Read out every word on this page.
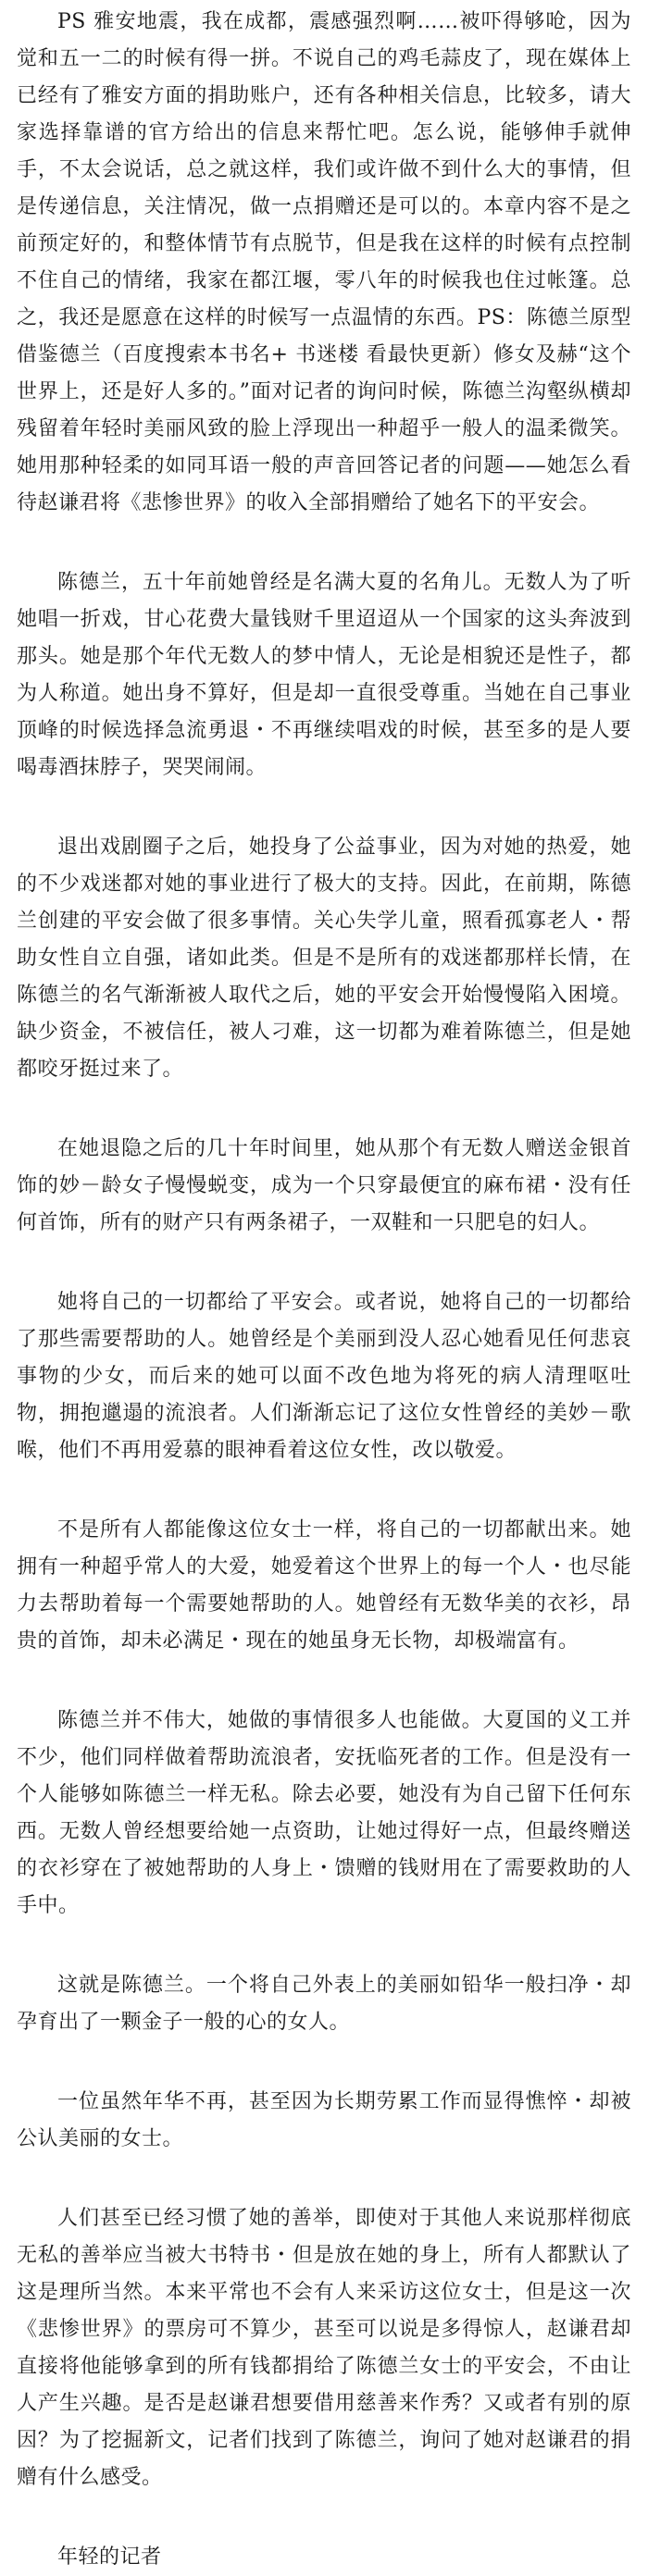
PS 雅安地震，我在成都，震感强烈啊……被吓得够呛，因为觉和五一二的时候有得一拼。不说自己的鸡毛蒜皮了，现在媒体上已经有了雅安方面的捐助账户，还有各种相关信息，比较多，请大家选择靠谱的官方给出的信息来帮忙吧。怎么说，能够伸手就伸手，不太会说话，总之就这样，我们或许做不到什么大的事情，但是传递信息，关注情况，做一点捐赠还是可以的。本章内容不是之前预定好的，和整体情节有点脱节，但是我在这样的时候有点控制不住自己的情绪，我家在都江堰，零八年的时候我也住过帐篷。总之，我还是愿意在这样的时候写一点温情的东西。PS：陈德兰原型借鉴德兰（百度搜索本书名+ 书迷楼 看最快更新）修女及赫“这个世界上，还是好人多的。”面对记者的询问时候，陈德兰沟壑纵横却残留着年轻时美丽风致的脸上浮现出一种超乎一般人的温柔微笑。她用那种轻柔的如同耳语一般的声音回答记者的问题——她怎么看待赵谦君将《悲惨世界》的收入全部捐赠给了她名下的平安会。

陈德兰，五十年前她曾经是名满大夏的名角儿。无数人为了听她唱一折戏，甘心花费大量钱财千里迢迢从一个国家的这头奔波到那头。她是那个年代无数人的梦中情人，无论是相貌还是性子，都为人称道。她出身不算好，但是却一直很受尊重。当她在自己事业顶峰的时候选择急流勇退・不再继续唱戏的时候，甚至多的是人要喝毒酒抹脖子，哭哭闹闹。

退出戏剧圈子之后，她投身了公益事业，因为对她的热爱，她的不少戏迷都对她的事业进行了极大的支持。因此，在前期，陈德兰创建的平安会做了很多事情。关心失学儿童，照看孤寡老人・帮助女性自立自强，诸如此类。但是不是所有的戏迷都那样长情，在陈德兰的名气渐渐被人取代之后，她的平安会开始慢慢陷入困境。缺少资金，不被信任，被人刁难，这一切都为难着陈德兰，但是她都咬牙挺过来了。

在她退隐之后的几十年时间里，她从那个有无数人赠送金银首饰的妙－龄女子慢慢蜕变，成为一个只穿最便宜的麻布裙・没有任何首饰，所有的财产只有两条裙子，一双鞋和一只肥皂的妇人。

她将自己的一切都给了平安会。或者说，她将自己的一切都给了那些需要帮助的人。她曾经是个美丽到没人忍心她看见任何悲哀事物的少女，而后来的她可以面不改色地为将死的病人清理呕吐物，拥抱邋遢的流浪者。人们渐渐忘记了这位女性曾经的美妙－歌喉，他们不再用爱慕的眼神看着这位女性，改以敬爱。

不是所有人都能像这位女士一样，将自己的一切都献出来。她拥有一种超乎常人的大爱，她爱着这个世界上的每一个人・也尽能力去帮助着每一个需要她帮助的人。她曾经有无数华美的衣衫，昂贵的首饰，却未必满足・现在的她虽身无长物，却极端富有。

陈德兰并不伟大，她做的事情很多人也能做。大夏国的义工并不少，他们同样做着帮助流浪者，安抚临死者的工作。但是没有一个人能够如陈德兰一样无私。除去必要，她没有为自己留下任何东西。无数人曾经想要给她一点资助，让她过得好一点，但最终赠送的衣衫穿在了被她帮助的人身上・馈赠的钱财用在了需要救助的人手中。

这就是陈德兰。一个将自己外表上的美丽如铅华一般扫净・却孕育出了一颗金子一般的心的女人。

一位虽然年华不再，甚至因为长期劳累工作而显得憔悴・却被公认美丽的女士。

人们甚至已经习惯了她的善举，即使对于其他人来说那样彻底无私的善举应当被大书特书・但是放在她的身上，所有人都默认了这是理所当然。本来平常也不会有人来采访这位女士，但是这一次《悲惨世界》的票房可不算少，甚至可以说是多得惊人，赵谦君却直接将他能够拿到的所有钱都捐给了陈德兰女士的平安会，不由让人产生兴趣。是否是赵谦君想要借用慈善来作秀？又或者有别的原因？为了挖掘新文，记者们找到了陈德兰，询问了她对赵谦君的捐赠有什么感受。

年轻的记者
